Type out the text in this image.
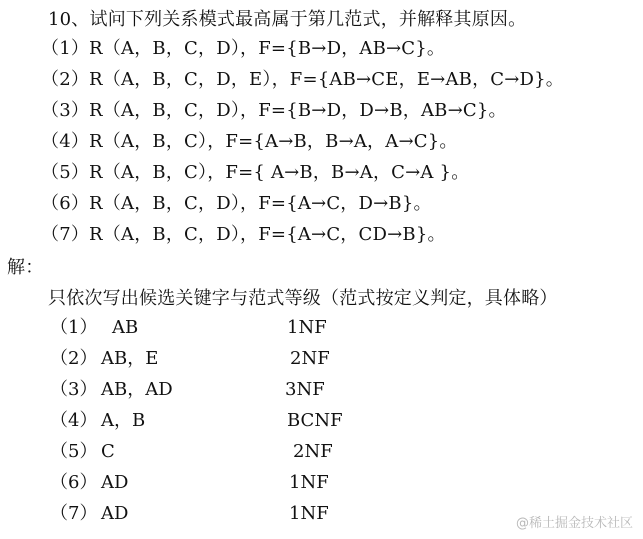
10、试问下列关系模式最高属于第几范式，并解释其原因。
（1）R（A，B，C，D），F={B→D，AB→C}。
（2）R（A，B，C，D，E），F={AB→CE，E→AB，C→D}。
（3）R（A，B，C，D），F={B→D，D→B，AB→C}。
（4）R（A，B，C），F={A→B，B→A，A→C}。
（5）R（A，B，C），F={ A→B，B→A，C→A }。
（6）R（A，B，C，D），F={A→C，D→B}。
（7）R（A，B，C，D），F={A→C，CD→B}。
解：
只依次写出候选关键字与范式等级（范式按定义判定，具体略）
（1） AB	1NF
（2） AB，E	2NF
（3） AB，AD	3NF
（4） A，B	BCNF
（5） C	2NF
（6） AD	1NF
（7） AD	1NF	@稀土掘金技术社区
